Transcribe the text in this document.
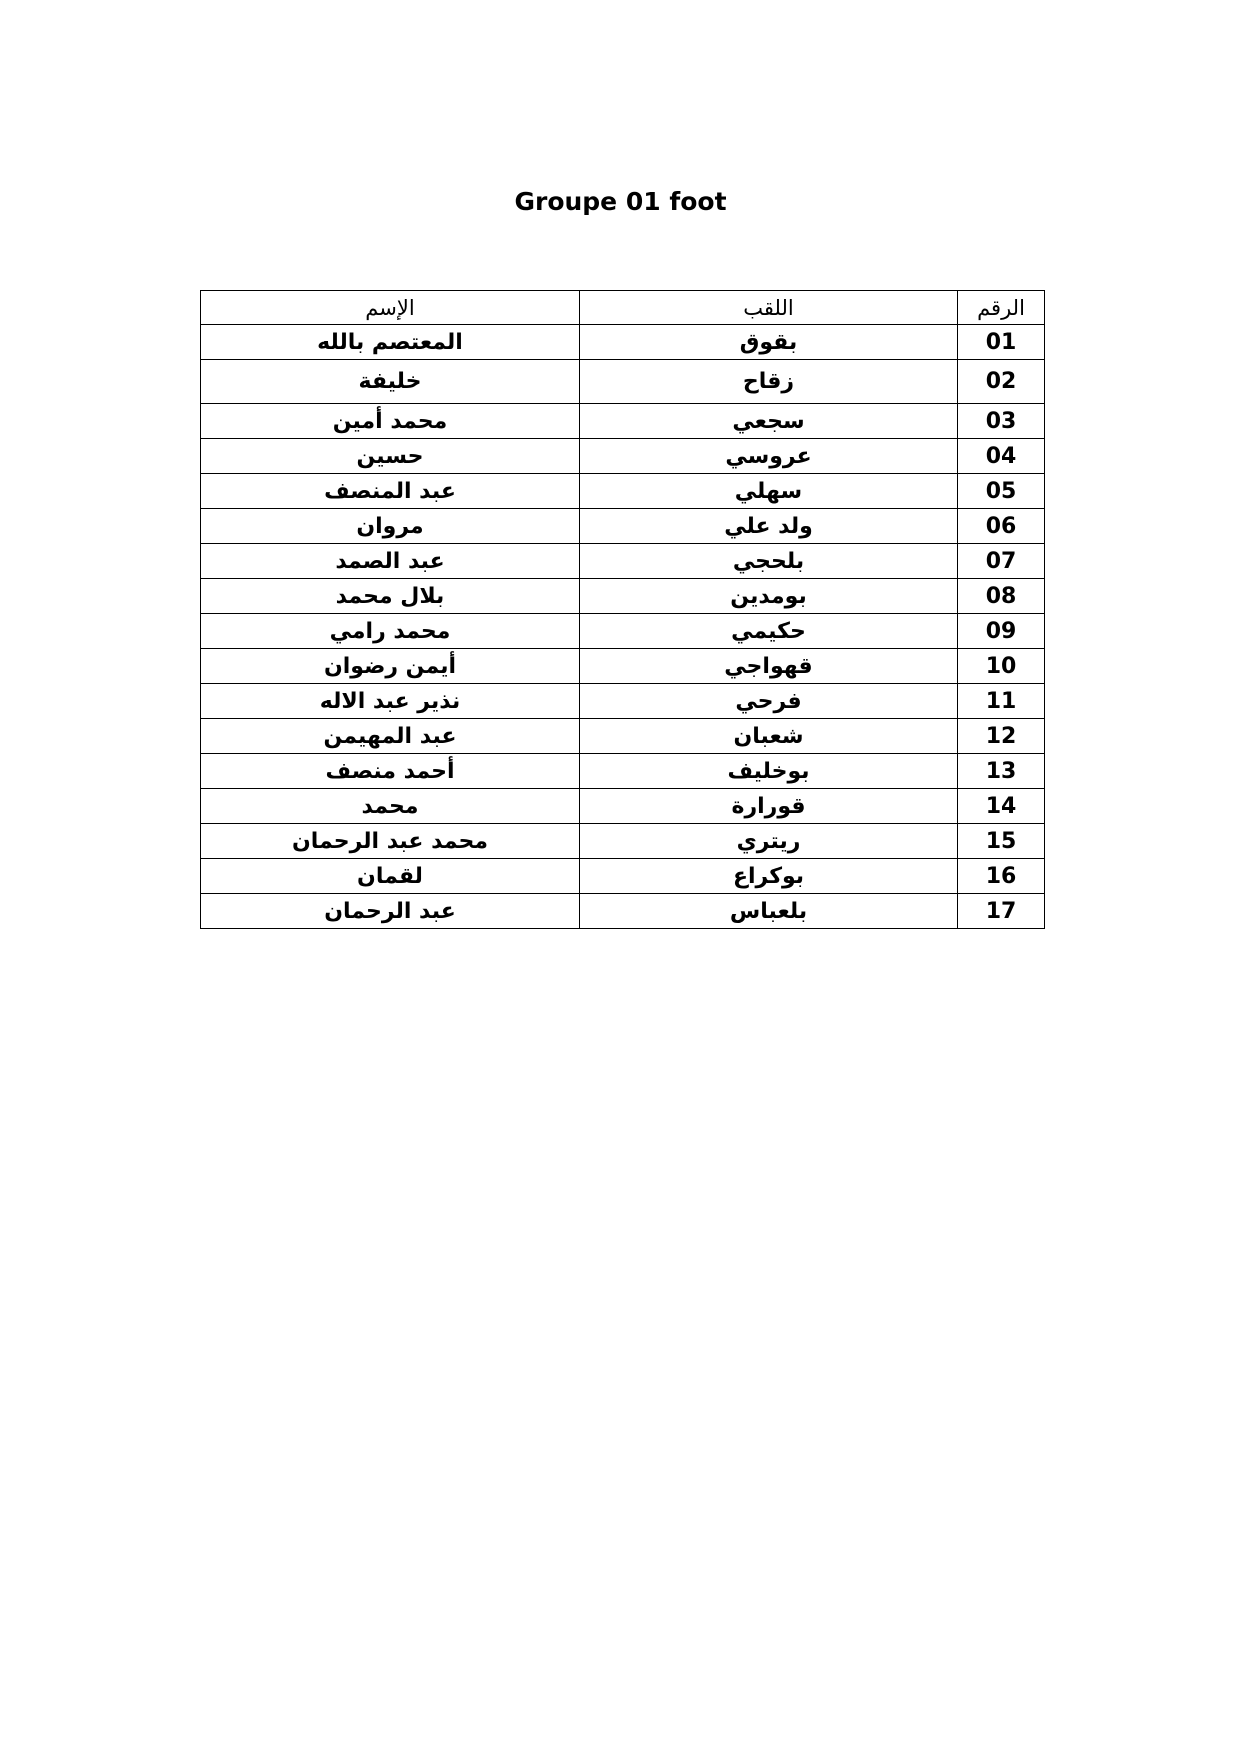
Groupe 01 foot
الرقم	اللقب	الإسم
01	بقوق	المعتصم بالله
02	زقاح	خليفة
03	سجعي	محمد أمين
04	عروسي	حسين
05	سهلي	عبد المنصف
06	ولد علي	مروان
07	بلحجي	عبد الصمد
08	بومدين	بلال محمد
09	حكيمي	محمد رامي
10	قهواجي	أيمن رضوان
11	فرحي	نذير عبد الاله
12	شعبان	عبد المهيمن
13	بوخليف	أحمد منصف
14	قورارة	محمد
15	ريتري	محمد عبد الرحمان
16	بوكراع	لقمان
17	بلعباس	عبد الرحمان
